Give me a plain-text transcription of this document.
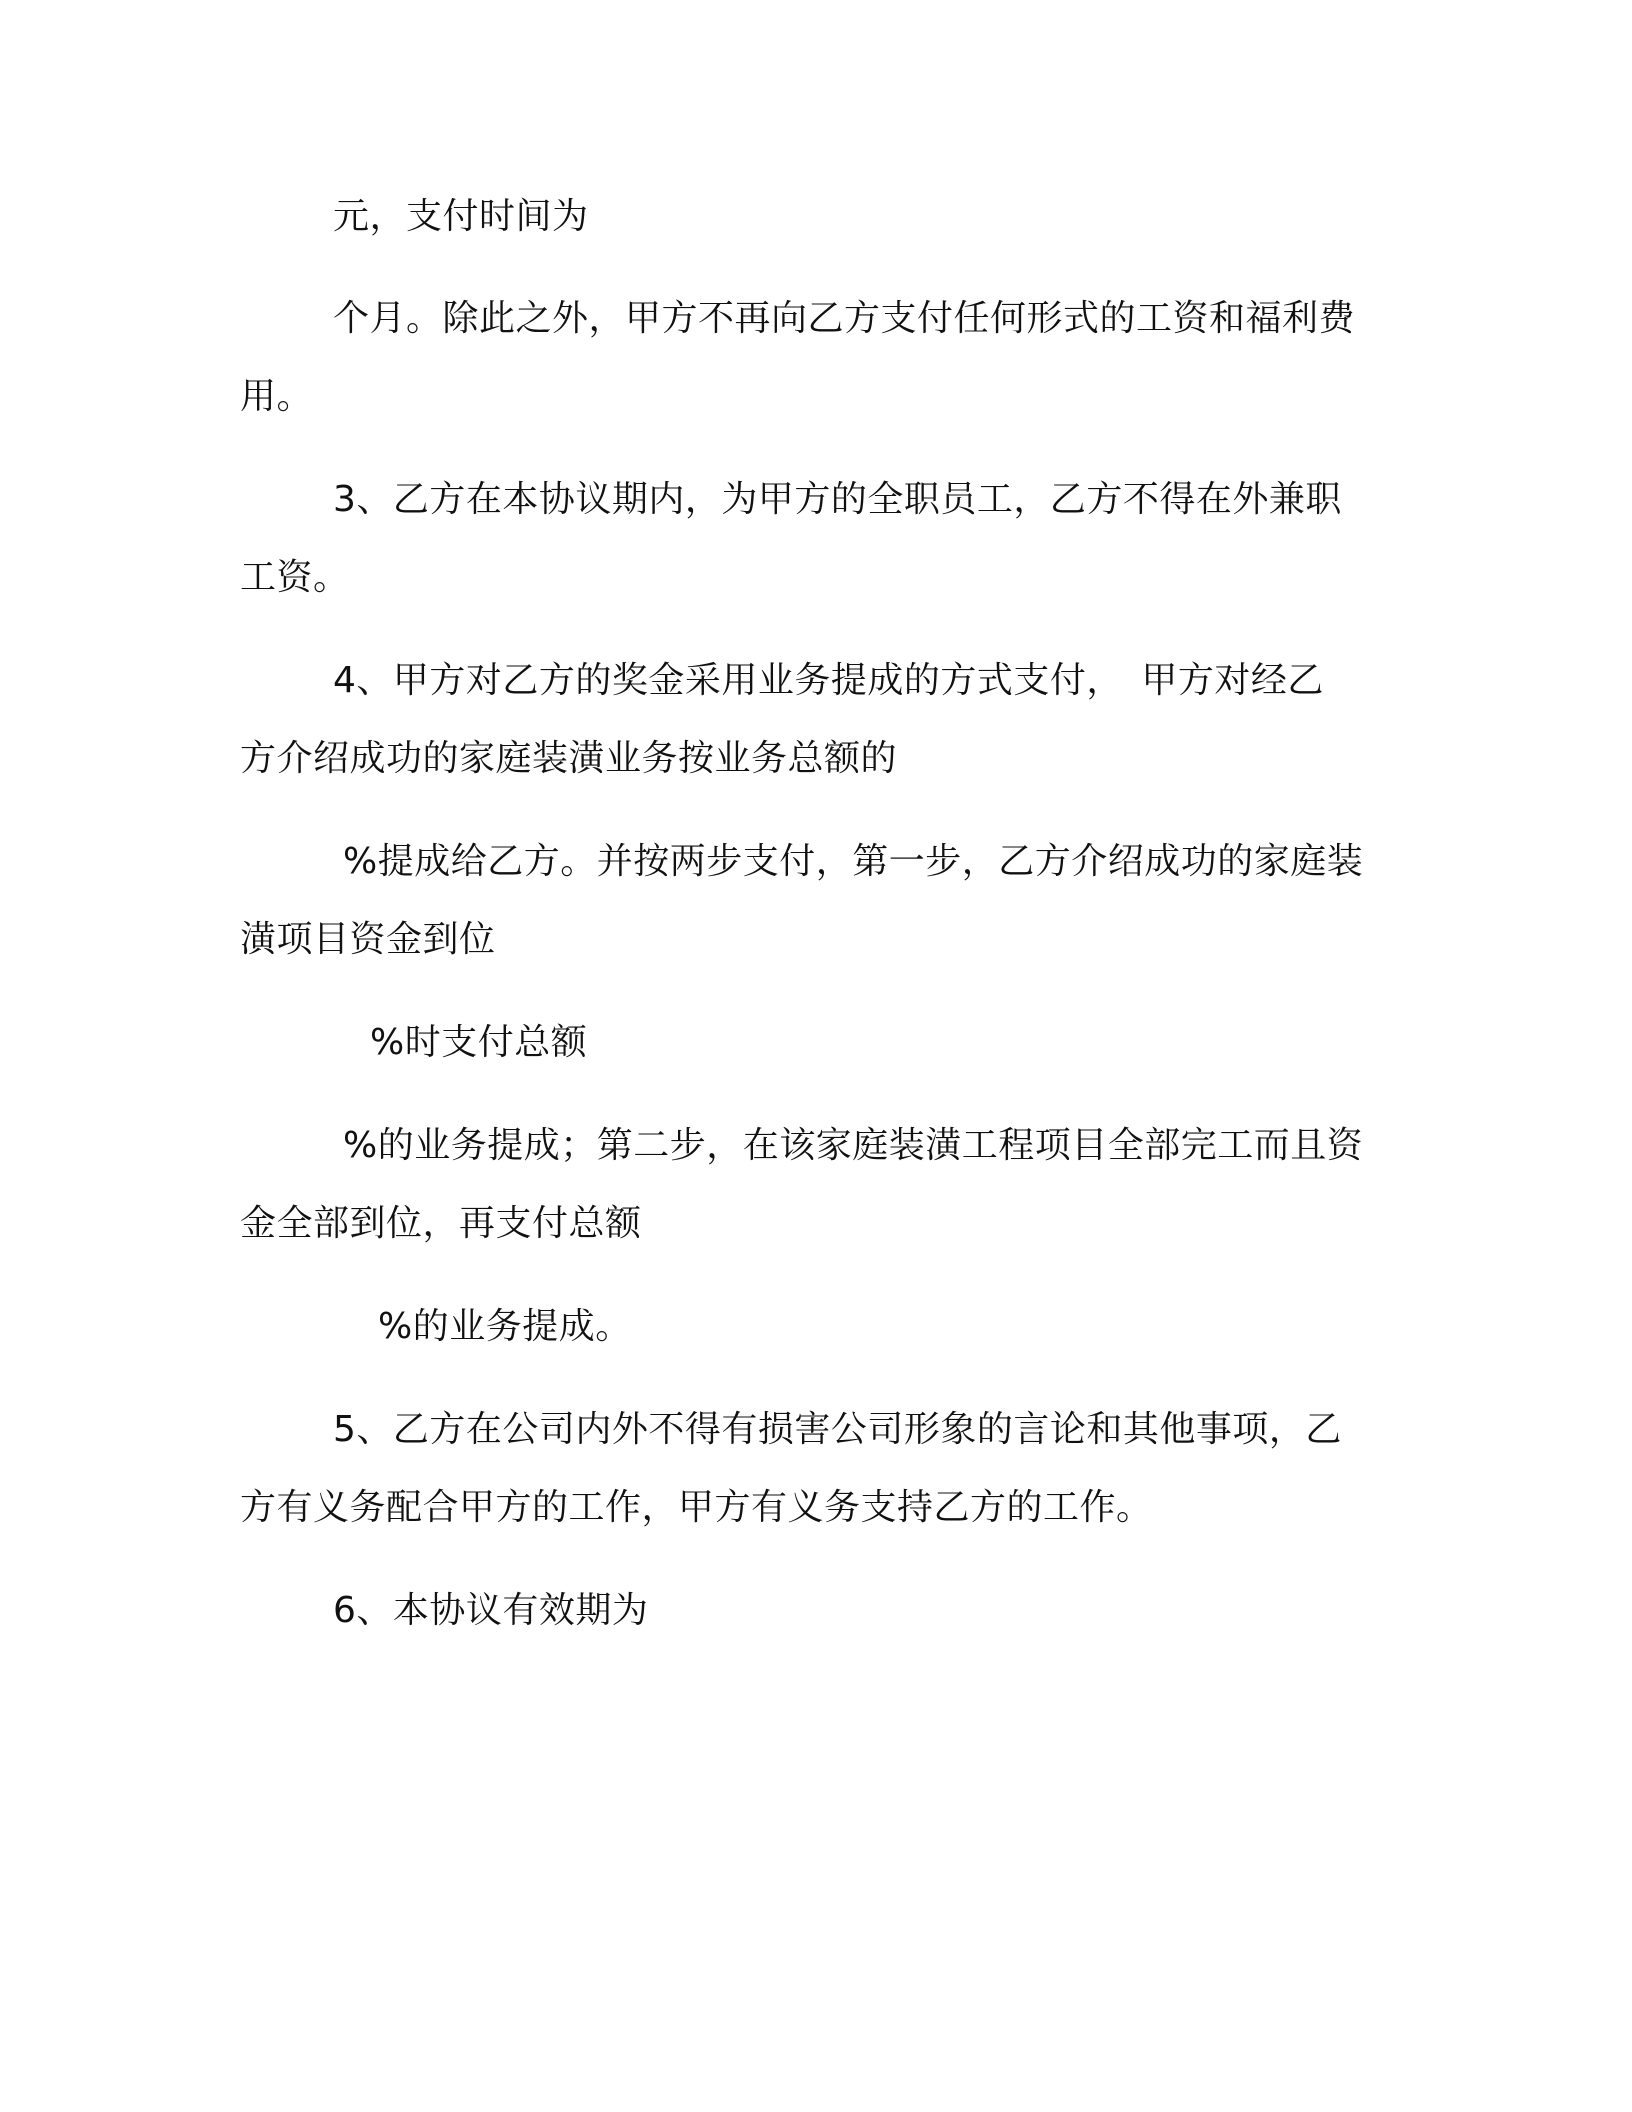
元，支付时间为
个月。除此之外，甲方不再向乙方支付任何形式的工资和福利费
用。
3、乙方在本协议期内，为甲方的全职员工，乙方不得在外兼职
工资。
4、甲方对乙方的奖金采用业务提成的方式支付，　甲方对经乙
方介绍成功的家庭装潢业务按业务总额的
%提成给乙方。并按两步支付，第一步，乙方介绍成功的家庭装
潢项目资金到位
%时支付总额
%的业务提成；第二步，在该家庭装潢工程项目全部完工而且资
金全部到位，再支付总额
%的业务提成。
5、乙方在公司内外不得有损害公司形象的言论和其他事项，乙
方有义务配合甲方的工作，甲方有义务支持乙方的工作。
6、本协议有效期为
